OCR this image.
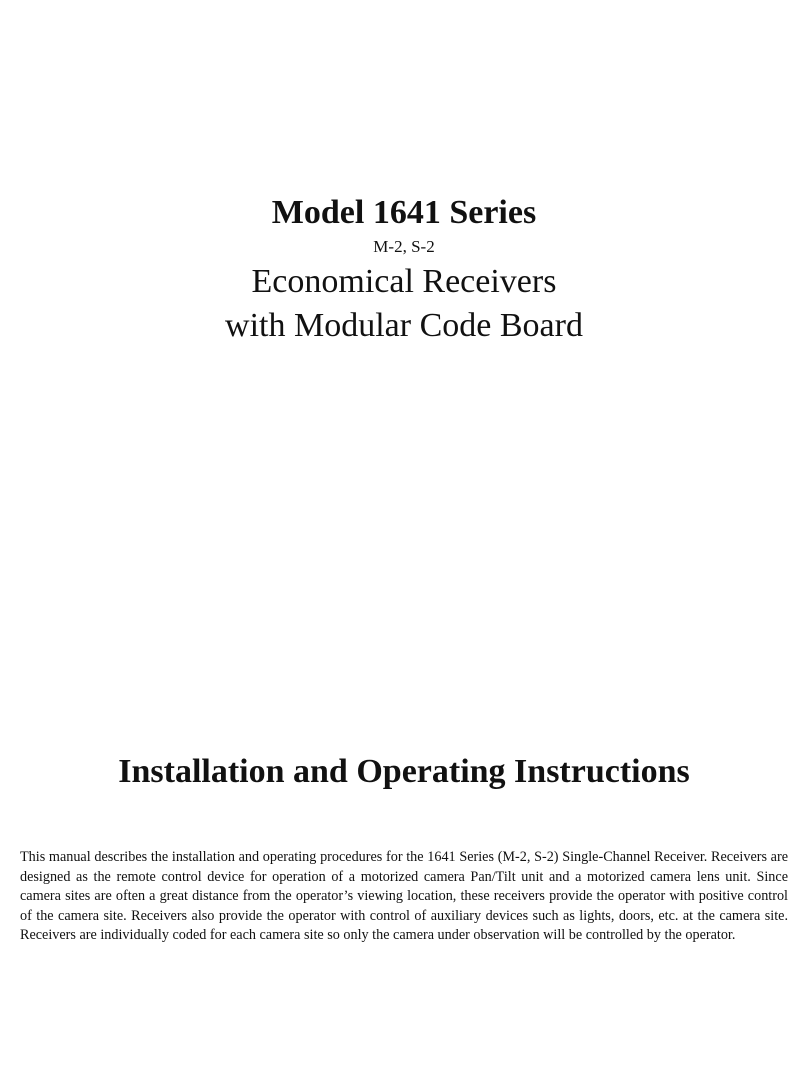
Model 1641 Series
M-2, S-2
Economical Receivers
with Modular Code Board
Installation and Operating Instructions

This manual describes the installation and operating procedures for the 1641 Series (M-2, S-2) Single-Channel Receiver. Receivers are designed as the remote control device for operation of a motorized camera Pan/Tilt unit and a motorized camera lens unit. Since camera sites are often a great distance from the operator’s viewing location, these receivers provide the operator with positive control of the camera site. Receivers also provide the operator with control of auxiliary devices such as lights, doors, etc. at the camera site. Receivers are individually coded for each camera site so only the camera under observation will be controlled by the operator.
